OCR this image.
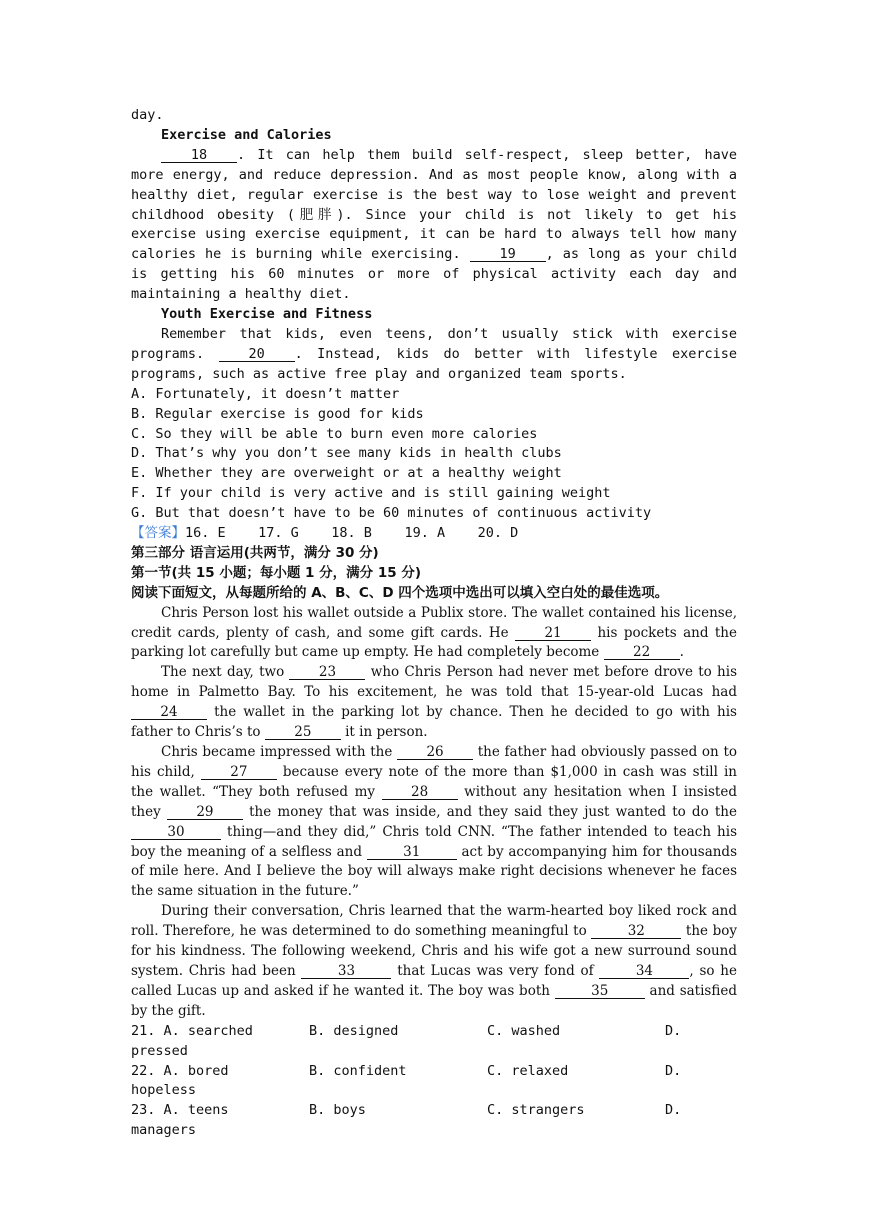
day.

Exercise and Calories

18 . It can help them build self-respect, sleep better, have more energy, and reduce depression. And as most people know, along with a healthy diet, regular exercise is the best way to lose weight and prevent childhood obesity (肥胖). Since your child is not likely to get his exercise using exercise equipment, it can be hard to always tell how many calories he is burning while exercising. 19 , as long as your child is getting his 60 minutes or more of physical activity each day and maintaining a healthy diet.

Youth Exercise and Fitness

Remember that kids, even teens, don’t usually stick with exercise programs.	20 . Instead, kids do better with lifestyle exercise programs, such as active free play and organized team sports.

A. Fortunately, it doesn’t matter

B. Regular exercise is good for kids

C. So they will be able to burn even more calories

D. That’s why you don’t see many kids in health clubs

E. Whether they are overweight or at a healthy weight

F. If your child is very active and is still gaining weight

G. But that doesn’t have to be 60 minutes of continuous activity

【答案】16. E    17. G    18. B    19. A    20. D

第三部分 语言运用(共两节，满分 30 分)

第一节(共 15 小题；每小题 1 分，满分 15 分)

阅读下面短文，从每题所给的 A、B、C、D 四个选项中选出可以填入空白处的最佳选项。

Chris Person lost his wallet outside a Publix store. The wallet contained his license, credit cards, plenty of cash, and some gift cards. He 21 his pockets and the parking lot carefully but came up empty. He had completely become 22 .

The next day, two 23 who Chris Person had never met before drove to his home in Palmetto Bay. To his excitement, he was told that 15-year-old Lucas had 24 the wallet in the parking lot by chance. Then he decided to go with his father to Chris’s to 25 it in person.

Chris became impressed with the 26 the father had obviously passed on to his child, 27 because every note of the more than $1,000 in cash was still in the wallet. “They both refused my 28 without any hesitation when I insisted they 29 the money that was inside, and they said they just wanted to do the 30	thing—and they did,” Chris told CNN. “The father intended to teach his boy the meaning of a selfless and	31	act by accompanying him for thousands of mile here. And I believe the boy will always make right decisions whenever he faces the same situation in the future.”

During their conversation, Chris learned that the warm-hearted boy liked rock and roll. Therefore, he was determined to do something meaningful to	32	the boy for his kindness. The following weekend, Chris and his wife got a new surround sound system. Chris had been	33	that Lucas was very fond of	34	, so he called Lucas up and asked if he wanted it. The boy was both	35	and satisfied by the gift.

21. A. searched	B. designed	C. washed	D.

pressed

22. A. bored	B. confident	C. relaxed	D.

hopeless

23. A. teens	B. boys	C. strangers	D.

managers
